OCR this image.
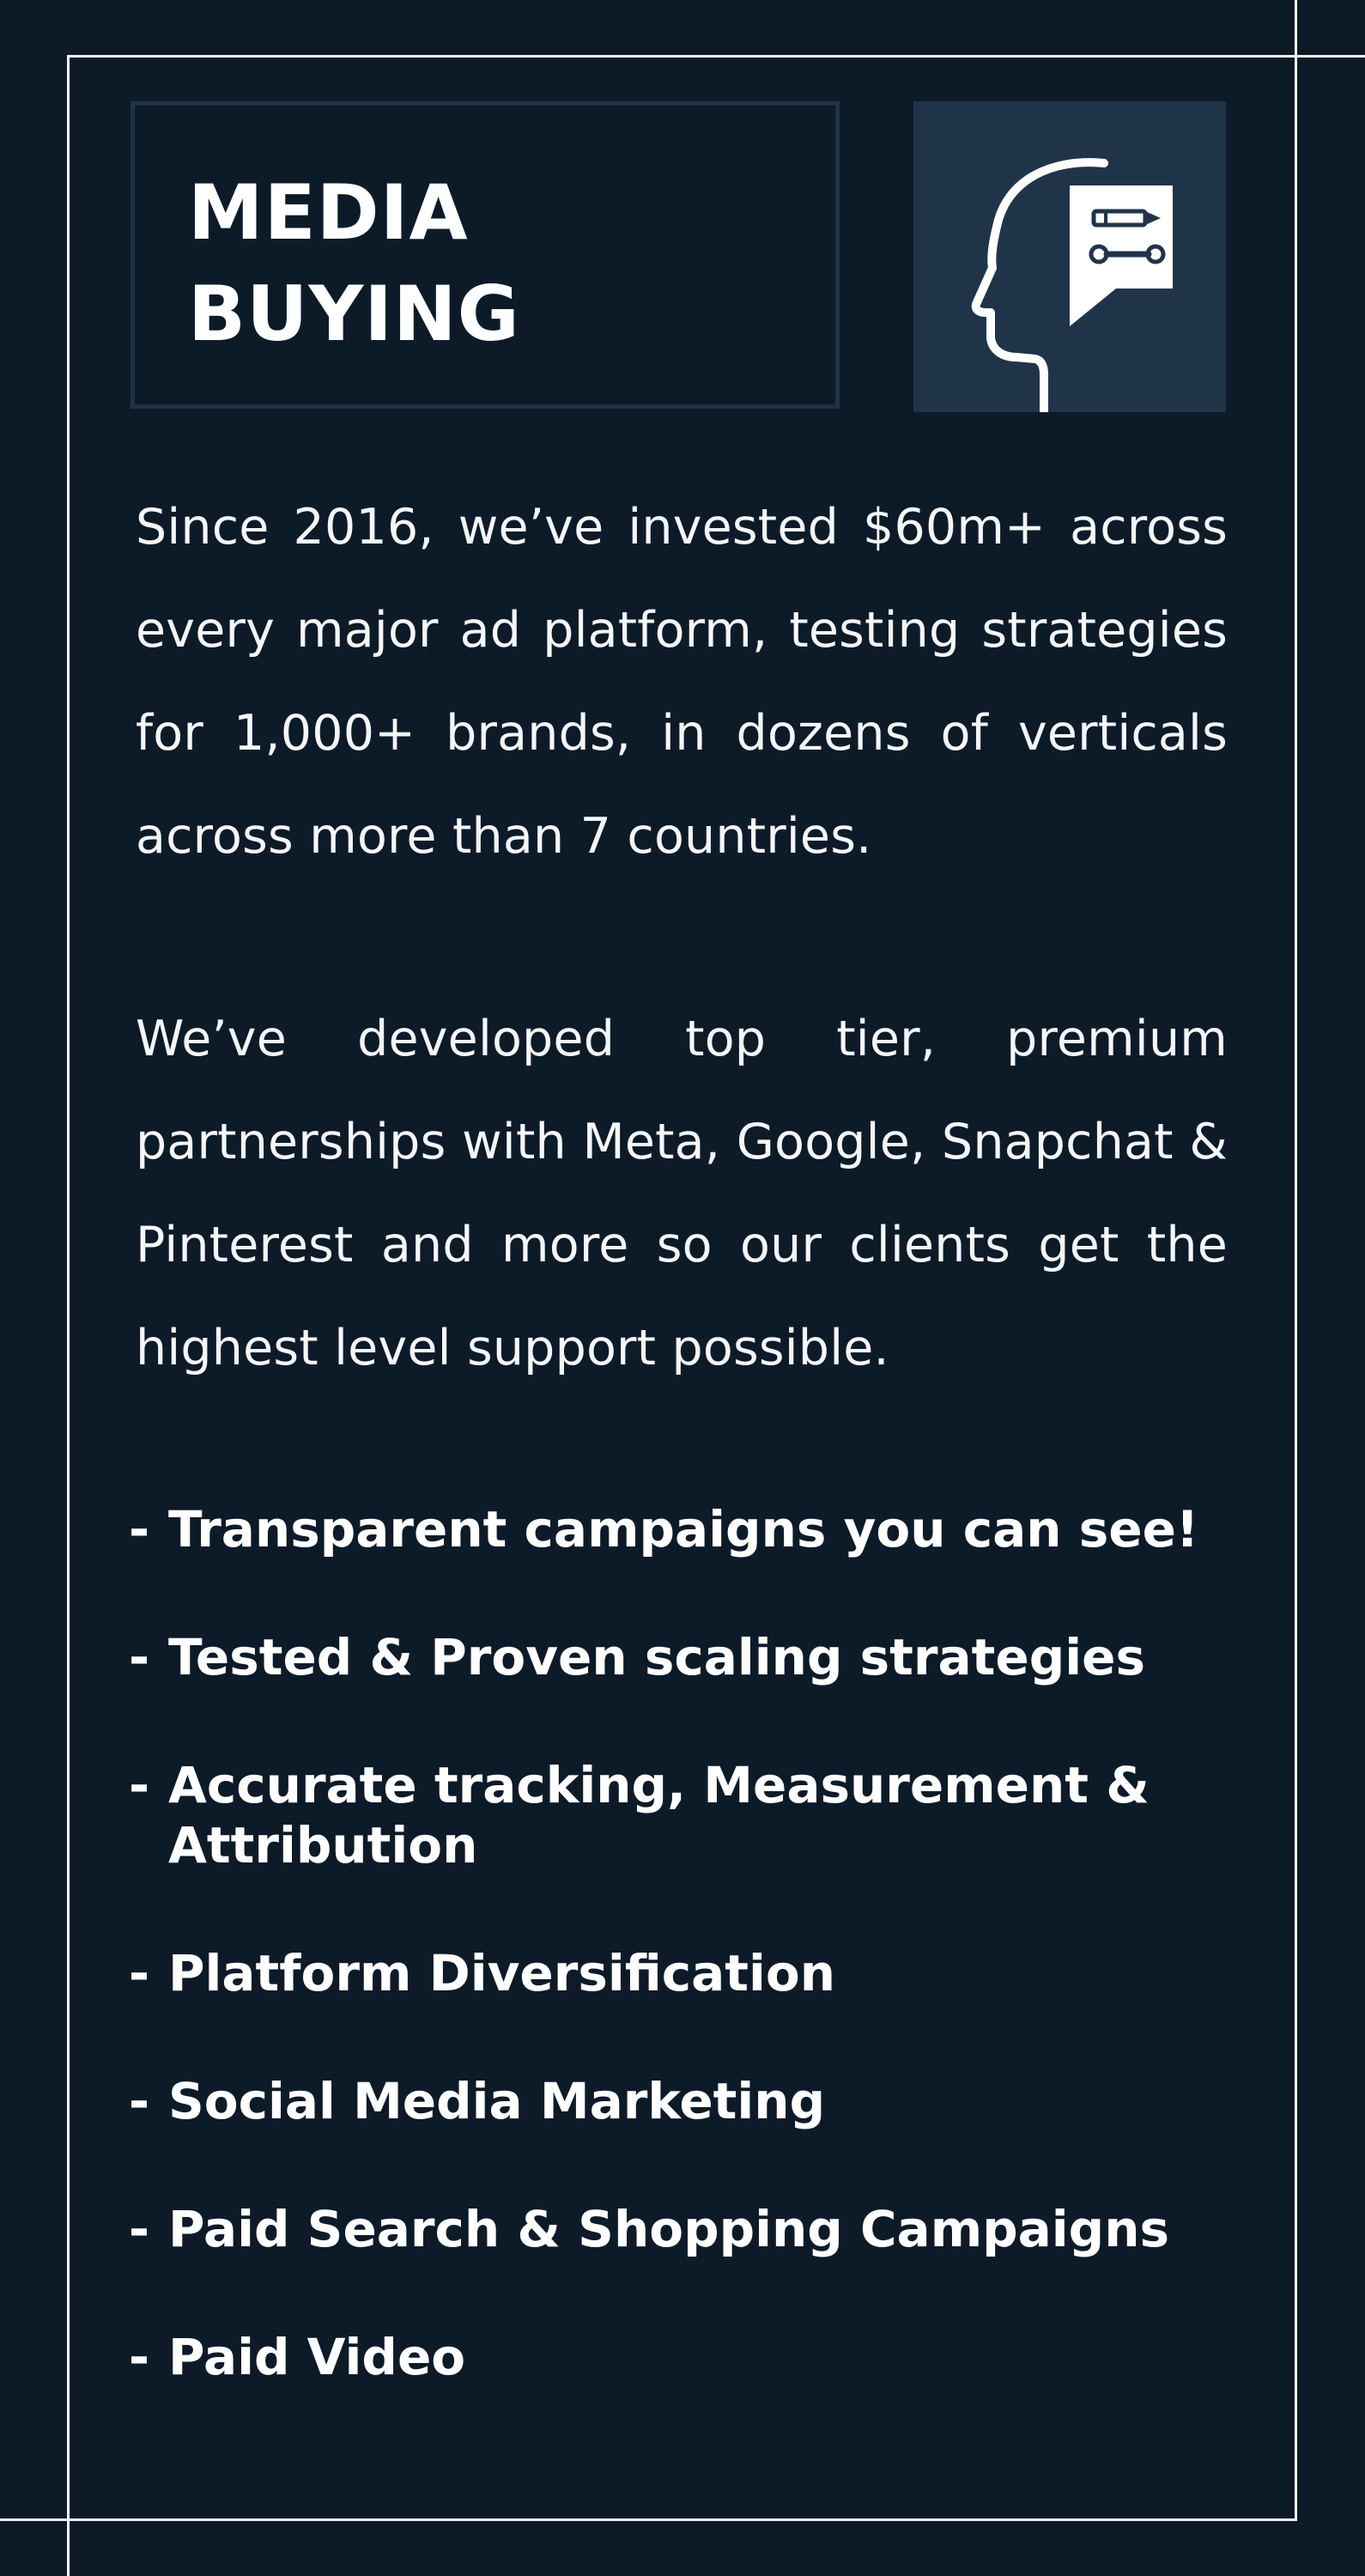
MEDIA
BUYING

Since 2016, we’ve invested $60m+ across every major ad platform, testing strategies for 1,000+ brands, in dozens of verticals across more than 7 countries.

We’ve developed top tier, premium partnerships with Meta, Google, Snapchat & Pinterest and more so our clients get the highest level support possible.

- Transparent campaigns you can see!
- Tested & Proven scaling strategies
- Accurate tracking, Measurement & Attribution
- Platform Diversification
- Social Media Marketing
- Paid Search & Shopping Campaigns
- Paid Video
